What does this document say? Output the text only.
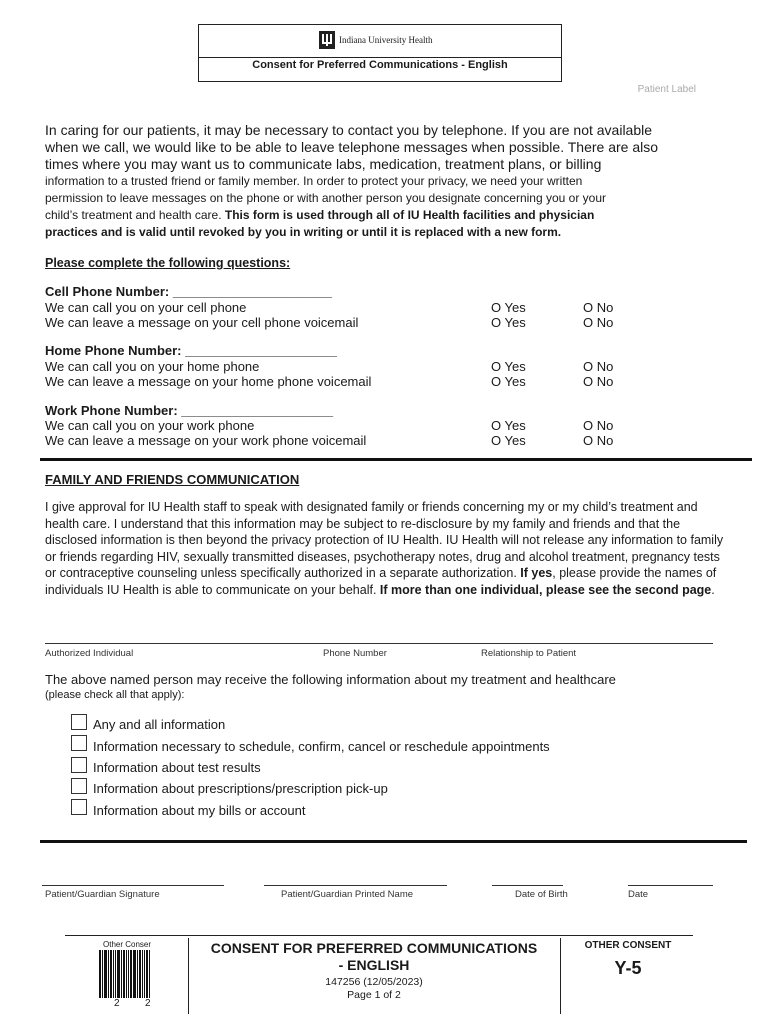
Indiana University Health
Consent for Preferred Communications - English
Patient Label

In caring for our patients, it may be necessary to contact you by telephone. If you are not available

when we call, we would like to be able to leave telephone messages when possible. There are also

times where you may want us to communicate labs, medication, treatment plans, or billing

information to a trusted friend or family member. In order to protect your privacy, we need your written

permission to leave messages on the phone or with another person you designate concerning you or your

child’s treatment and health care. This form is used through all of IU Health facilities and physician

practices and is valid until revoked by you in writing or until it is replaced with a new form.

Please complete the following questions:
Cell Phone Number: ______________________
We can call you on your cell phone	O Yes	O No
We can leave a message on your cell phone voicemail	O Yes	O No
Home Phone Number: _____________________
We can call you on your home phone	O Yes	O No
We can leave a message on your home phone voicemail	O Yes	O No
Work Phone Number: _____________________
We can call you on your work phone	O Yes	O No
We can leave a message on your work phone voicemail	O Yes	O No
FAMILY AND FRIENDS COMMUNICATION

I give approval for IU Health staff to speak with designated family or friends concerning my or my child’s treatment and health care. I understand that this information may be subject to re-disclosure by my family and friends and that the disclosed information is then beyond the privacy protection of IU Health. IU Health will not release any information to family or friends regarding HIV, sexually transmitted diseases, psychotherapy notes, drug and alcohol treatment, pregnancy tests or contraceptive counseling unless specifically authorized in a separate authorization. If yes, please provide the names of individuals IU Health is able to communicate on your behalf. If more than one individual, please see the second page.

Authorized Individual	Phone Number	Relationship to Patient
The above named person may receive the following information about my treatment and healthcare
(please check all that apply):
Any and all information
Information necessary to schedule, confirm, cancel or reschedule appointments
Information about test results
Information about prescriptions/prescription pick-up
Information about my bills or account
Patient/Guardian Signature	Patient/Guardian Printed Name	Date of Birth	Date
Other Conser
2	2
CONSENT FOR PREFERRED COMMUNICATIONS
- ENGLISH
147256 (12/05/2023)
Page 1 of 2
OTHER CONSENT
Y-5
